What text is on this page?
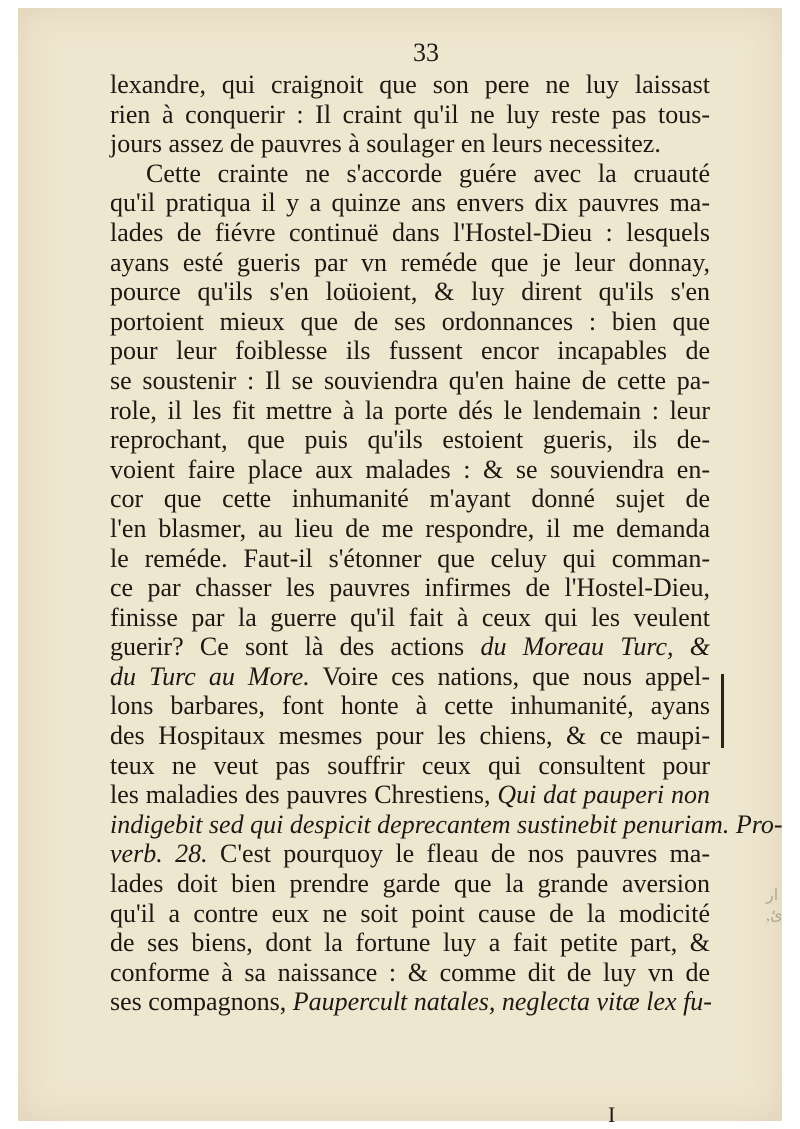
33
lexandre, qui craignoit que son pere ne luy laissast
rien à conquerir : Il craint qu'il ne luy reste pas tous-
jours assez de pauvres à soulager en leurs necessitez.
Cette crainte ne s'accorde guére avec la cruauté
qu'il pratiqua il y a quinze ans envers dix pauvres ma-
lades de fiévre continuë dans l'Hostel-Dieu : lesquels
ayans esté gueris par vn reméde que je leur donnay,
pource qu'ils s'en loüoient, & luy dirent qu'ils s'en
portoient mieux que de ses ordonnances : bien que
pour leur foiblesse ils fussent encor incapables de
se soustenir : Il se souviendra qu'en haine de cette pa-
role, il les fit mettre à la porte dés le lendemain : leur
reprochant, que puis qu'ils estoient gueris, ils de-
voient faire place aux malades : & se souviendra en-
cor que cette inhumanité m'ayant donné sujet de
l'en blasmer, au lieu de me respondre, il me demanda
le reméde. Faut-il s'étonner que celuy qui comman-
ce par chasser les pauvres infirmes de l'Hostel-Dieu,
finisse par la guerre qu'il fait à ceux qui les veulent
guerir? Ce sont là des actions du Moreau Turc, &
du Turc au More. Voire ces nations, que nous appel-
lons barbares, font honte à cette inhumanité, ayans
des Hospitaux mesmes pour les chiens, & ce maupi-
teux ne veut pas souffrir ceux qui consultent pour
les maladies des pauvres Chrestiens, Qui dat pauperi non
indigebit sed qui despicit deprecantem sustinebit penuriam. Pro-
verb. 28. C'est pourquoy le fleau de nos pauvres ma-
lades doit bien prendre garde que la grande aversion
qu'il a contre eux ne soit point cause de la modicité
de ses biens, dont la fortune luy a fait petite part, &
conforme à sa naissance : & comme dit de luy vn de
ses compagnons, Paupercult natales, neglecta vitæ lex fu-
ار
,ئ
I
